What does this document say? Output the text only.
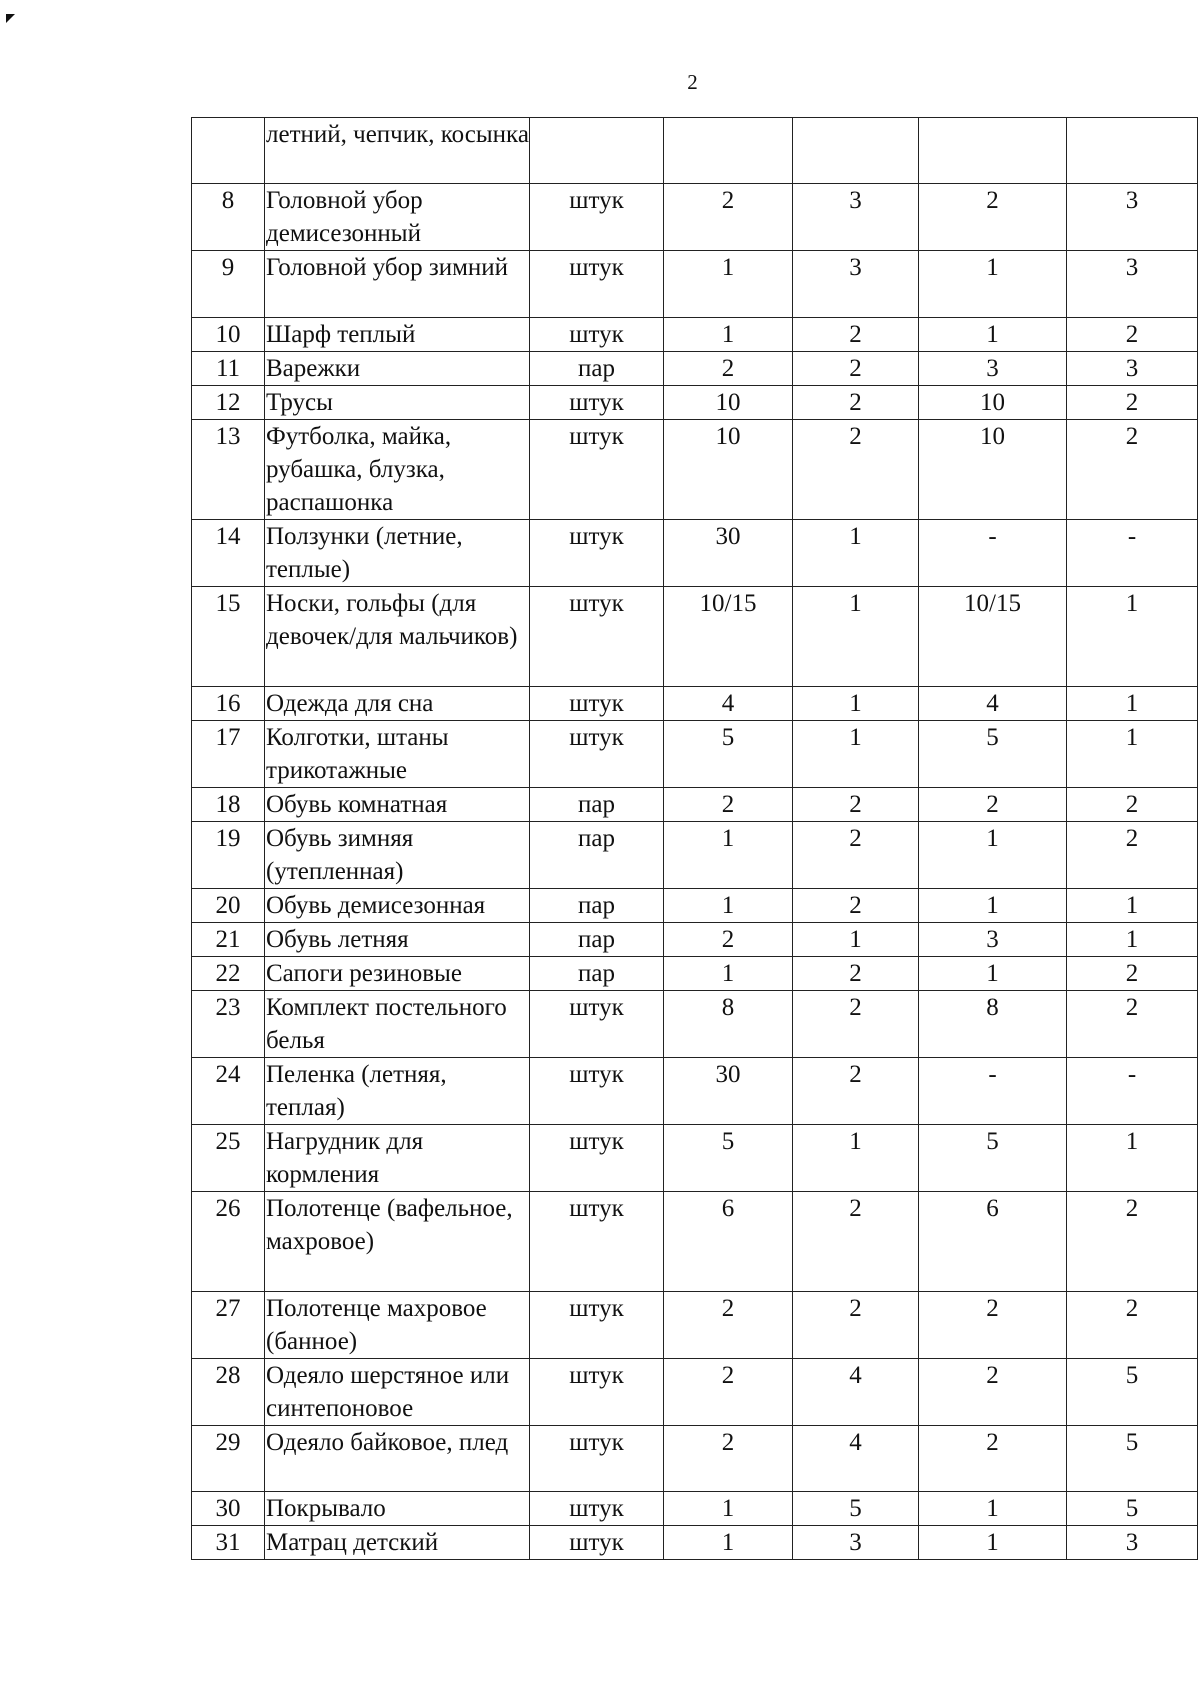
2
	летний, чепчик, косынка					
8	Головной убор демисезонный	штук	2	3	2	3
9	Головной убор зимний	штук	1	3	1	3
10	Шарф теплый	штук	1	2	1	2
11	Варежки	пар	2	2	3	3
12	Трусы	штук	10	2	10	2
13	Футболка, майка, рубашка, блузка, распашонка	штук	10	2	10	2
14	Ползунки (летние, теплые)	штук	30	1	-	-
15	Носки, гольфы (для девочек/для мальчиков)	штук	10/15	1	10/15	1
16	Одежда для сна	штук	4	1	4	1
17	Колготки, штаны трикотажные	штук	5	1	5	1
18	Обувь комнатная	пар	2	2	2	2
19	Обувь зимняя (утепленная)	пар	1	2	1	2
20	Обувь демисезонная	пар	1	2	1	1
21	Обувь летняя	пар	2	1	3	1
22	Сапоги резиновые	пар	1	2	1	2
23	Комплект постельного белья	штук	8	2	8	2
24	Пеленка (летняя, теплая)	штук	30	2	-	-
25	Нагрудник для кормления	штук	5	1	5	1
26	Полотенце (вафельное, махровое)	штук	6	2	6	2
27	Полотенце махровое (банное)	штук	2	2	2	2
28	Одеяло шерстяное или синтепоновое	штук	2	4	2	5
29	Одеяло байковое, плед	штук	2	4	2	5
30	Покрывало	штук	1	5	1	5
31	Матрац детский	штук	1	3	1	3
